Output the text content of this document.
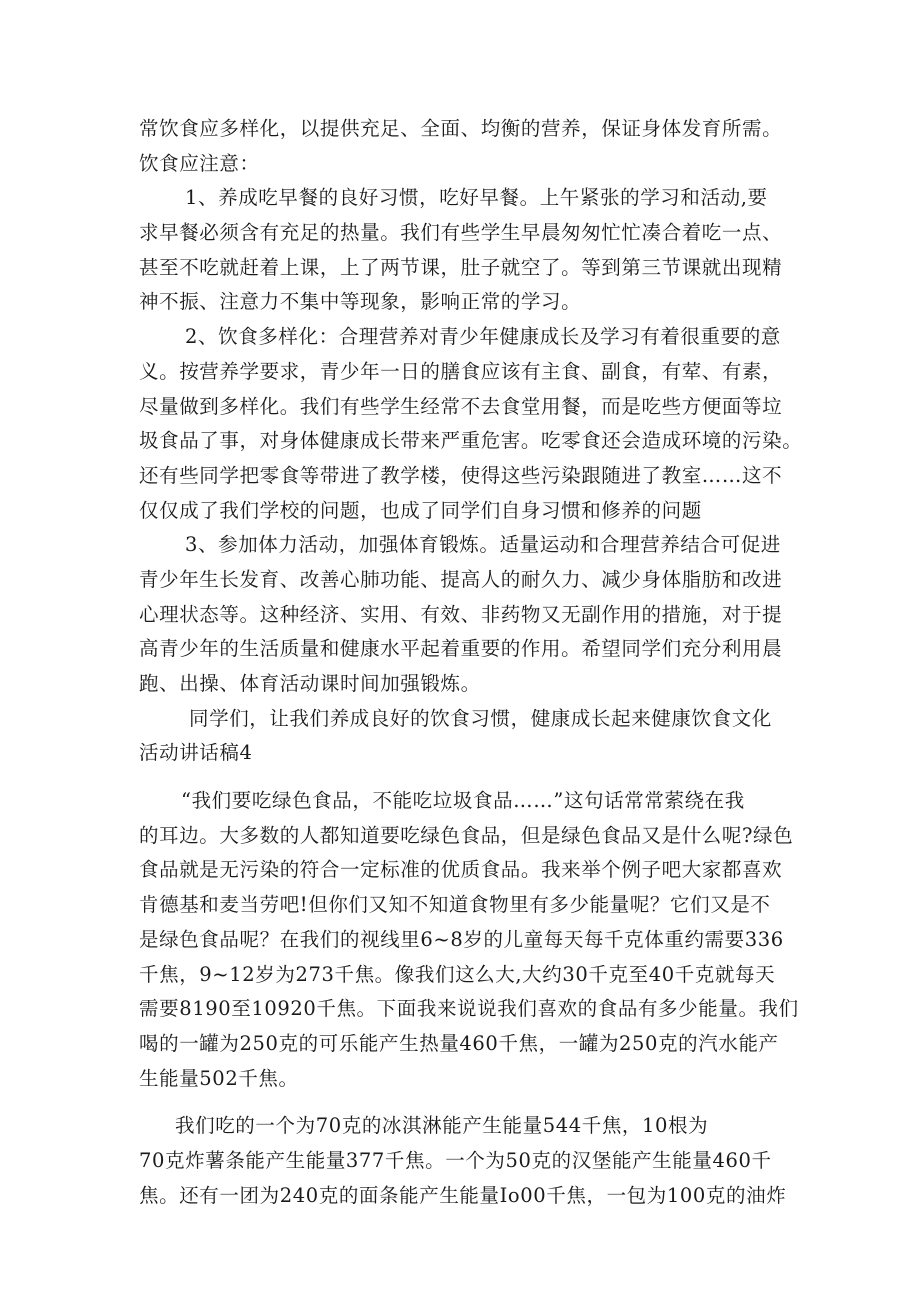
常饮食应多样化，以提供充足、全面、均衡的营养，保证身体发育所需。
饮食应注意：
1、养成吃早餐的良好习惯，吃好早餐。上午紧张的学习和活动,要
求早餐必须含有充足的热量。我们有些学生早晨匆匆忙忙凑合着吃一点、
甚至不吃就赶着上课，上了两节课，肚子就空了。等到第三节课就出现精
神不振、注意力不集中等现象，影响正常的学习。
2、饮食多样化：合理营养对青少年健康成长及学习有着很重要的意
义。按营养学要求，青少年一日的膳食应该有主食、副食，有荤、有素，
尽量做到多样化。我们有些学生经常不去食堂用餐，而是吃些方便面等垃
圾食品了事，对身体健康成长带来严重危害。吃零食还会造成环境的污染。
还有些同学把零食等带进了教学楼，使得这些污染跟随进了教室……这不
仅仅成了我们学校的问题，也成了同学们自身习惯和修养的问题
3、参加体力活动，加强体育锻炼。适量运动和合理营养结合可促进
青少年生长发育、改善心肺功能、提高人的耐久力、减少身体脂肪和改进
心理状态等。这种经济、实用、有效、非药物又无副作用的措施，对于提
高青少年的生活质量和健康水平起着重要的作用。希望同学们充分利用晨
跑、出操、体育活动课时间加强锻炼。
同学们，让我们养成良好的饮食习惯，健康成长起来健康饮食文化
活动讲话稿4
“我们要吃绿色食品，不能吃垃圾食品……”这句话常常萦绕在我
的耳边。大多数的人都知道要吃绿色食品，但是绿色食品又是什么呢?绿色
食品就是无污染的符合一定标准的优质食品。我来举个例子吧大家都喜欢
肯德基和麦当劳吧!但你们又知不知道食物里有多少能量呢？它们又是不
是绿色食品呢？在我们的视线里6~8岁的儿童每天每千克体重约需要336
千焦，9~12岁为273千焦。像我们这么大,大约30千克至40千克就每天
需要8190至10920千焦。下面我来说说我们喜欢的食品有多少能量。我们
喝的一罐为250克的可乐能产生热量460千焦，一罐为250克的汽水能产
生能量502千焦。
我们吃的一个为70克的冰淇淋能产生能量544千焦，10根为
70克炸薯条能产生能量377千焦。一个为50克的汉堡能产生能量460千
焦。还有一团为240克的面条能产生能量Io00千焦，一包为100克的油炸
